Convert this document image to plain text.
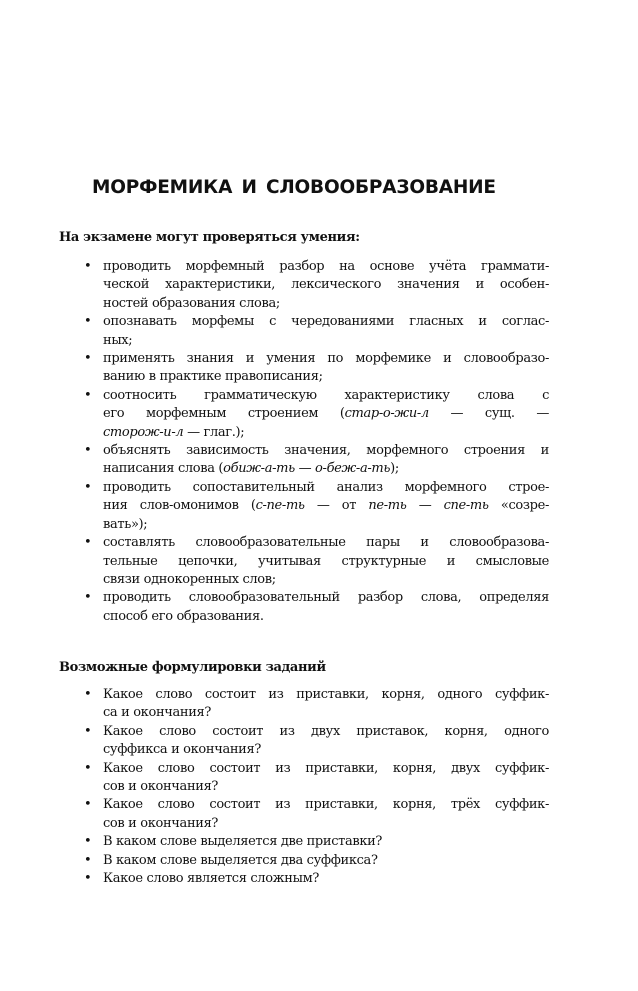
МОРФЕМИКА И СЛОВООБРАЗОВАНИЕ
На экзамене могут проверяться умения:
• проводить морфемный разбор на основе учёта граммати-
ческой характеристики, лексического значения и особен-
ностей образования слова;
• опознавать морфемы с чередованиями гласных и соглас-
ных;
• применять знания и умения по морфемике и словообразо-
ванию в практике правописания;
• соотносить грамматическую характеристику слова с
его морфемным строением (стар-о-жи-л — сущ. —
сторож-и-л — глаг.);
• объяснять зависимость значения, морфемного строения и
написания слова (обиж-а-ть — о-беж-а-ть);
• проводить сопоставительный анализ морфемного строе-
ния слов-омонимов (с-пе-ть — от пе-ть — спе-ть «созре-
вать»);
• составлять словообразовательные пары и словообразова-
тельные цепочки, учитывая структурные и смысловые
связи однокоренных слов;
• проводить словообразовательный разбор слова, определяя
способ его образования.
Возможные формулировки заданий
• Какое слово состоит из приставки, корня, одного суффик-
са и окончания?
• Какое слово состоит из двух приставок, корня, одного
суффикса и окончания?
• Какое слово состоит из приставки, корня, двух суффик-
сов и окончания?
• Какое слово состоит из приставки, корня, трёх суффик-
сов и окончания?
• В каком слове выделяется две приставки?
• В каком слове выделяется два суффикса?
• Какое слово является сложным?
